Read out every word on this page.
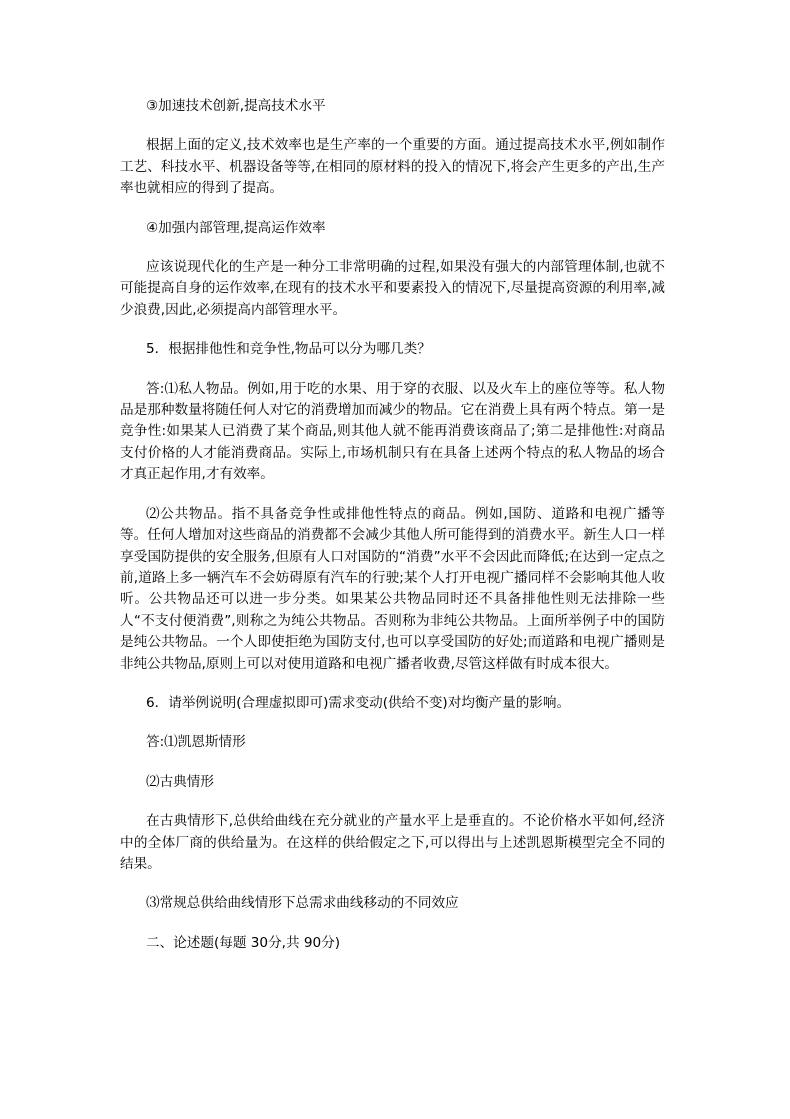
③加速技术创新,提高技术水平

根据上面的定义,技术效率也是生产率的一个重要的方面。通过提高技术水平,例如制作工艺、科技水平、机器设备等等,在相同的原材料的投入的情况下,将会产生更多的产出,生产率也就相应的得到了提高。

④加强内部管理,提高运作效率

应该说现代化的生产是一种分工非常明确的过程,如果没有强大的内部管理体制,也就不可能提高自身的运作效率,在现有的技术水平和要素投入的情况下,尽量提高资源的利用率,减少浪费,因此,必须提高内部管理水平。

5．根据排他性和竞争性,物品可以分为哪几类？

答:⑴私人物品。例如,用于吃的水果、用于穿的衣服、以及火车上的座位等等。私人物品是那种数量将随任何人对它的消费增加而减少的物品。它在消费上具有两个特点。第一是竞争性:如果某人已消费了某个商品,则其他人就不能再消费该商品了;第二是排他性:对商品支付价格的人才能消费商品。实际上,市场机制只有在具备上述两个特点的私人物品的场合才真正起作用,才有效率。

⑵公共物品。指不具备竞争性或排他性特点的商品。例如,国防、道路和电视广播等等。任何人增加对这些商品的消费都不会减少其他人所可能得到的消费水平。新生人口一样享受国防提供的安全服务,但原有人口对国防的“消费”水平不会因此而降低;在达到一定点之前,道路上多一辆汽车不会妨碍原有汽车的行驶;某个人打开电视广播同样不会影响其他人收听。公共物品还可以进一步分类。如果某公共物品同时还不具备排他性则无法排除一些人“不支付便消费”,则称之为纯公共物品。否则称为非纯公共物品。上面所举例子中的国防是纯公共物品。一个人即使拒绝为国防支付,也可以享受国防的好处;而道路和电视广播则是非纯公共物品,原则上可以对使用道路和电视广播者收费,尽管这样做有时成本很大。

6．请举例说明(合理虚拟即可)需求变动(供给不变)对均衡产量的影响。

答:⑴凯恩斯情形

⑵古典情形

在古典情形下,总供给曲线在充分就业的产量水平上是垂直的。不论价格水平如何,经济中的全体厂商的供给量为。在这样的供给假定之下,可以得出与上述凯恩斯模型完全不同的结果。

⑶常规总供给曲线情形下总需求曲线移动的不同效应

二、论述题(每题 30分,共 90分)
